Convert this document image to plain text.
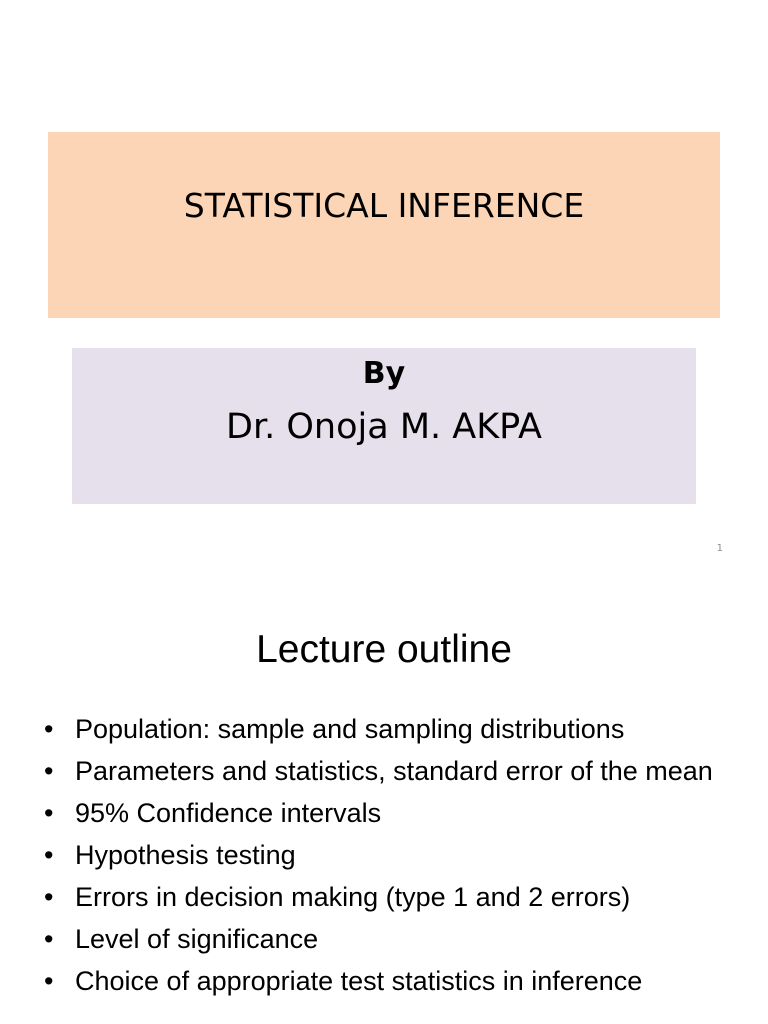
STATISTICAL INFERENCE
By
Dr. Onoja M. AKPA
1
Lecture outline
• Population: sample and sampling distributions
• Parameters and statistics, standard error of the mean
• 95% Confidence intervals
• Hypothesis testing
• Errors in decision making (type 1 and 2 errors)
• Level of significance
• Choice of appropriate test statistics in inference
